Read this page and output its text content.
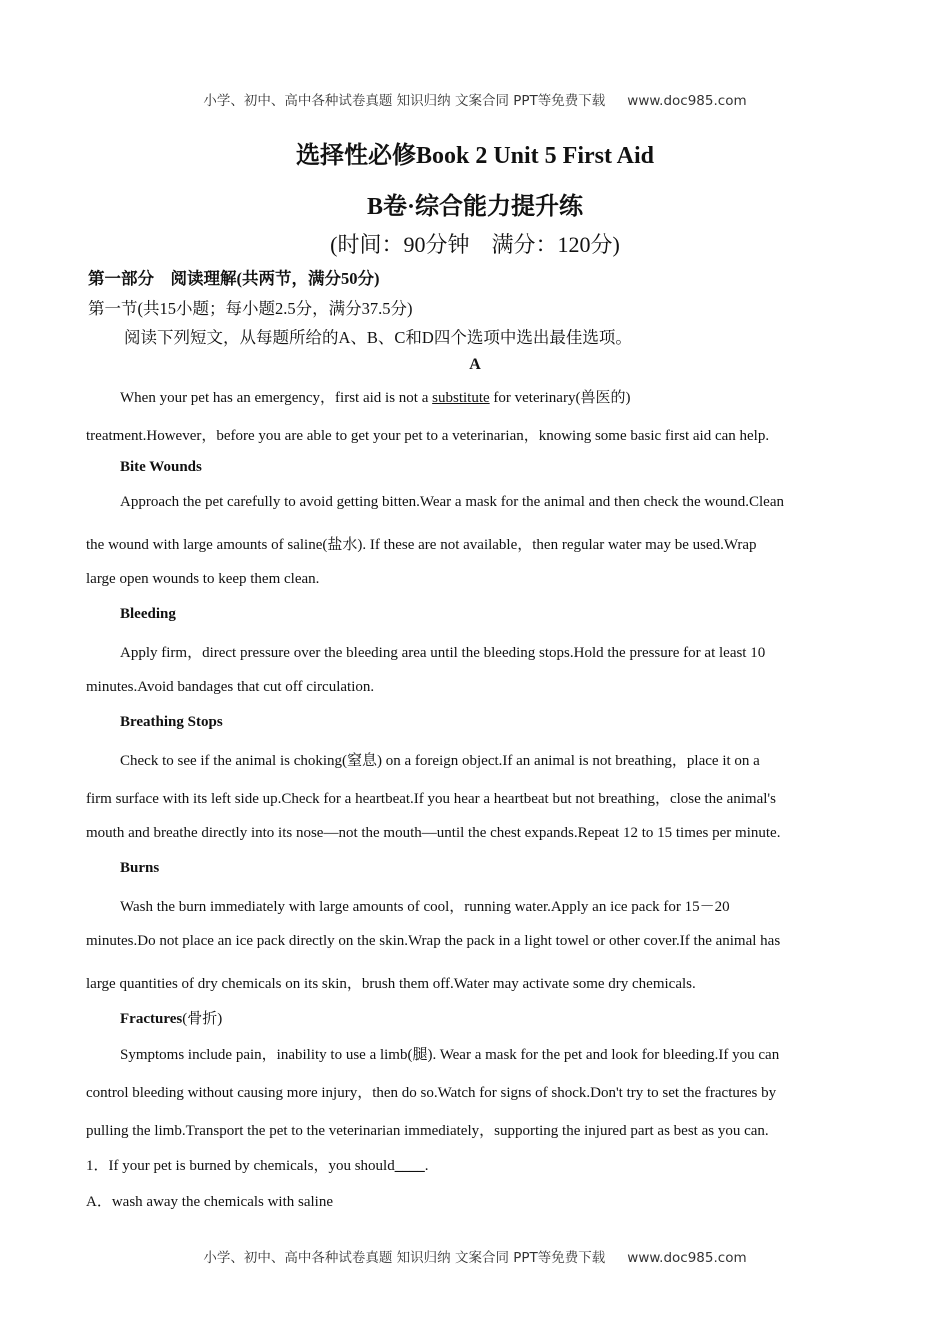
小学、初中、高中各种试卷真题 知识归纳 文案合同 PPT等免费下载 www.doc985.com
选择性必修Book 2 Unit 5 First Aid
B卷·综合能力提升练
(时间：90分钟　满分：120分)
第一部分　阅读理解(共两节，满分50分)
第一节(共15小题；每小题2.5分，满分37.5分)
阅读下列短文，从每题所给的A、B、C和D四个选项中选出最佳选项。
A
When your pet has an emergency，first aid is not a substitute for veterinary(兽医的)
treatment.However，before you are able to get your pet to a veterinarian，knowing some basic first aid can help.
Bite Wounds
Approach the pet carefully to avoid getting bitten.Wear a mask for the animal and then check the wound.Clean
the wound with large amounts of saline(盐水). If these are not available，then regular water may be used.Wrap
large open wounds to keep them clean.
Bleeding
Apply firm，direct pressure over the bleeding area until the bleeding stops.Hold the pressure for at least 10
minutes.Avoid bandages that cut off circulation.
Breathing Stops
Check to see if the animal is choking(窒息) on a foreign object.If an animal is not breathing，place it on a
firm surface with its left side up.Check for a heartbeat.If you hear a heartbeat but not breathing，close the animal's
mouth and breathe directly into its nose—not the mouth—until the chest expands.Repeat 12 to 15 times per minute.
Burns
Wash the burn immediately with large amounts of cool，running water.Apply an ice pack for 15－20
minutes.Do not place an ice pack directly on the skin.Wrap the pack in a light towel or other cover.If the animal has
large quantities of dry chemicals on its skin，brush them off.Water may activate some dry chemicals.
Fractures(骨折)
Symptoms include pain，inability to use a limb(腿). Wear a mask for the pet and look for bleeding.If you can
control bleeding without causing more injury，then do so.Watch for signs of shock.Don't try to set the fractures by
pulling the limb.Transport the pet to the veterinarian immediately，supporting the injured part as best as you can.
1．If your pet is burned by chemicals，you should____.
A．wash away the chemicals with saline
小学、初中、高中各种试卷真题 知识归纳 文案合同 PPT等免费下载 www.doc985.com
